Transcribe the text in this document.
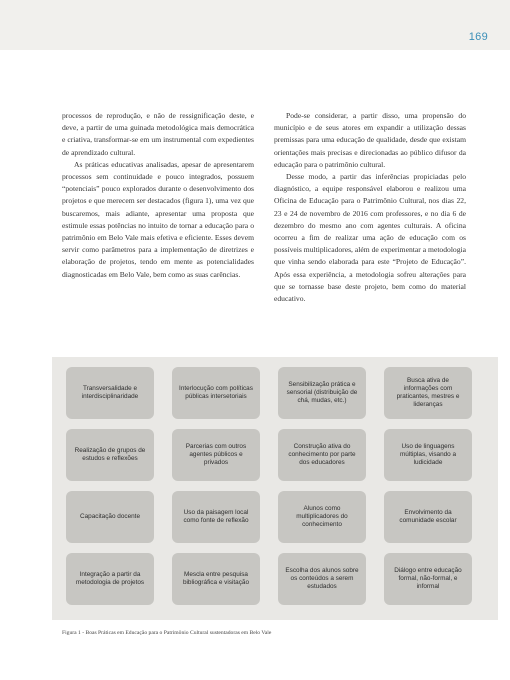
169

processos de reprodução, e não de ressignificação deste, e deve, a partir de uma guinada metodológica mais democrática e criativa, transformar-se em um instrumental com expedientes de aprendizado cultural.

As práticas educativas analisadas, apesar de apresentarem processos sem continuidade e pouco integrados, possuem “potenciais” pouco explorados durante o desenvolvimento dos projetos e que merecem ser destacados (figura 1), uma vez que buscaremos, mais adiante, apresentar uma proposta que estimule essas potências no intuito de tornar a educação para o patrimônio em Belo Vale mais efetiva e eficiente. Esses devem servir como parâmetros para a implementação de diretrizes e elaboração de projetos, tendo em mente as potencialidades diagnosticadas em Belo Vale, bem como as suas carências.

Pode-se considerar, a partir disso, uma propensão do município e de seus atores em expandir a utilização dessas premissas para uma educação de qualidade, desde que existam orientações mais precisas e direcionadas ao público difusor da educação para o patrimônio cultural.

Desse modo, a partir das inferências propiciadas pelo diagnóstico, a equipe responsável elaborou e realizou uma Oficina de Educação para o Patrimônio Cultural, nos dias 22, 23 e 24 de novembro de 2016 com professores, e no dia 6 de dezembro do mesmo ano com agentes culturais. A oficina ocorreu a fim de realizar uma ação de educação com os possíveis multiplicadores, além de experimentar a metodologia que vinha sendo elaborada para este “Projeto de Educação”. Após essa experiência, a metodologia sofreu alterações para que se tornasse base deste projeto, bem como do material educativo.

Transversalidade e interdisciplinaridade
Interlocução com políticas públicas intersetoriais
Sensibilização prática e sensorial (distribuição de chá, mudas, etc.)
Busca ativa de informações com praticantes, mestres e lideranças
Realização de grupos de estudos e reflexões
Parcerias com outros agentes públicos e privados
Construção ativa do conhecimento por parte dos educadores
Uso de linguagens múltiplas, visando a ludicidade
Capacitação docente
Uso da paisagem local como fonte de reflexão
Alunos como multiplicadores do conhecimento
Envolvimento da comunidade escolar
Integração a partir da metodologia de projetos
Mescla entre pesquisa bibliográfica e visitação
Escolha dos alunos sobre os conteúdos a serem estudados
Diálogo entre educação formal, não-formal, e informal
Figura 1 - Boas Práticas em Educação para o Patrimônio Cultural sustentadoras em Belo Vale
